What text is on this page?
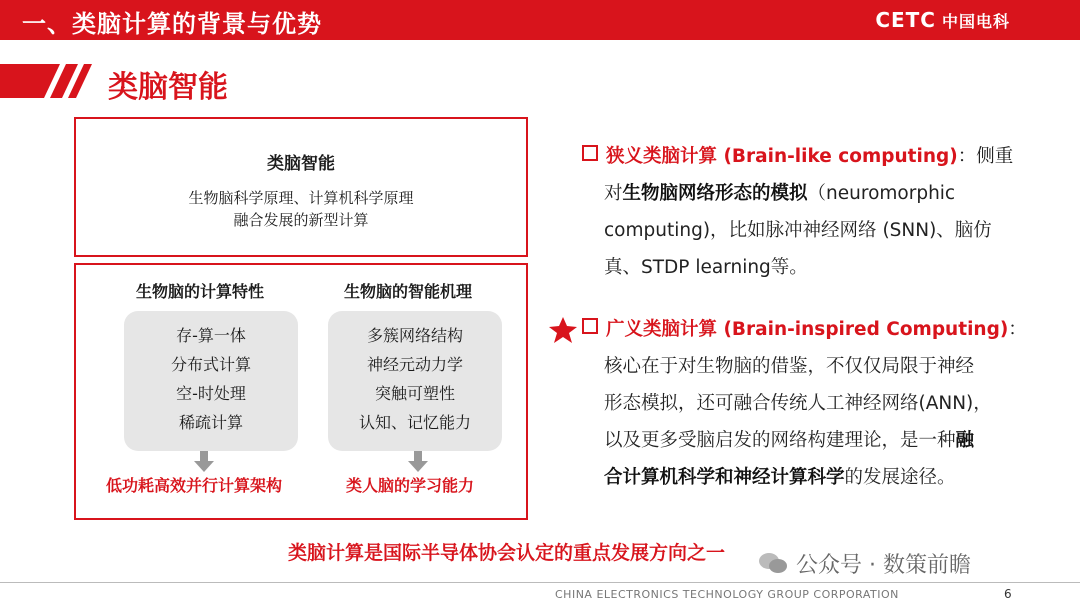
一、类脑计算的背景与优势	CETC 中国电科
类脑智能
类脑智能
生物脑科学原理、计算机科学原理
融合发展的新型计算
生物脑的计算特性
存-算一体
分布式计算
空-时处理
稀疏计算
低功耗高效并行计算架构
生物脑的智能机理
多簇网络结构
神经元动力学
突触可塑性
认知、记忆能力
类人脑的学习能力
类脑计算是国际半导体协会认定的重点发展方向之一
狭义类脑计算 (Brain-like computing)：侧重
对生物脑网络形态的模拟（neuromorphic
computing)，比如脉冲神经网络 (SNN)、脑仿
真、STDP learning等。
广义类脑计算 (Brain-inspired Computing)：
核心在于对生物脑的借鉴，不仅仅局限于神经
形态模拟，还可融合传统人工神经网络(ANN)，
以及更多受脑启发的网络构建理论，是一种融
合计算机科学和神经计算科学的发展途径。
公众号 · 数策前瞻
CHINA ELECTRONICS TECHNOLOGY GROUP CORPORATION	6
